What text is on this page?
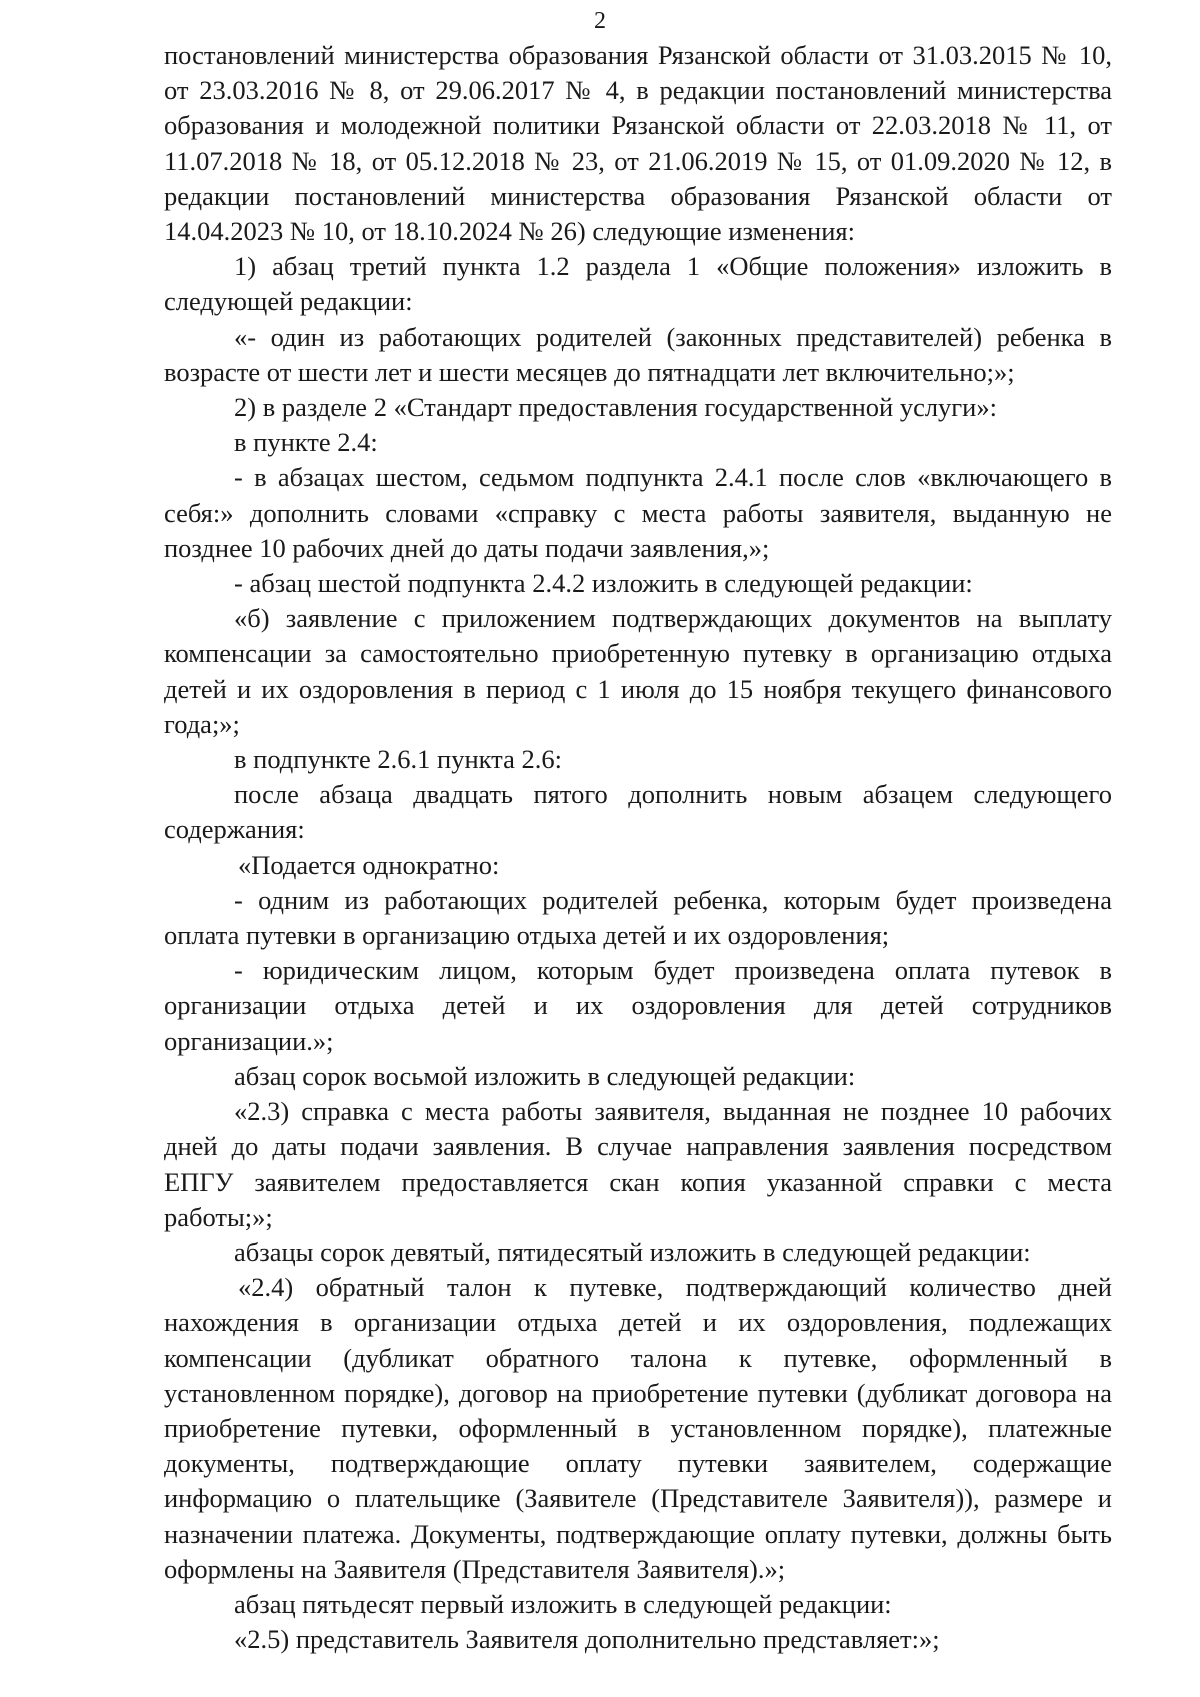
2

постановлений министерства образования Рязанской области от 31.03.2015 № 10, от 23.03.2016 № 8, от 29.06.2017 № 4, в редакции постановлений министерства образования и молодежной политики Рязанской области от 22.03.2018 № 11, от 11.07.2018 № 18, от 05.12.2018 № 23, от 21.06.2019 № 15, от 01.09.2020 № 12, в редакции постановлений министерства образования Рязанской области от 14.04.2023 № 10, от 18.10.2024 № 26) следующие изменения:

1) абзац третий пункта 1.2 раздела 1 «Общие положения» изложить в следующей редакции:

«- один из работающих родителей (законных представителей) ребенка в возрасте от шести лет и шести месяцев до пятнадцати лет включительно;»;

2) в разделе 2 «Стандарт предоставления государственной услуги»:

в пункте 2.4:

- в абзацах шестом, седьмом подпункта 2.4.1 после слов «включающего в себя:» дополнить словами «справку с места работы заявителя, выданную не позднее 10 рабочих дней до даты подачи заявления,»;

- абзац шестой подпункта 2.4.2 изложить в следующей редакции:

«б) заявление с приложением подтверждающих документов на выплату компенсации за самостоятельно приобретенную путевку в организацию отдыха детей и их оздоровления в период с 1 июля до 15 ноября текущего финансового года;»;

в подпункте 2.6.1 пункта 2.6:

после абзаца двадцать пятого дополнить новым абзацем следующего содержания:

«Подается однократно:

- одним из работающих родителей ребенка, которым будет произведена оплата путевки в организацию отдыха детей и их оздоровления;

- юридическим лицом, которым будет произведена оплата путевок в организации отдыха детей и их оздоровления для детей сотрудников организации.»;

абзац сорок восьмой изложить в следующей редакции:

«2.3) справка с места работы заявителя, выданная не позднее 10 рабочих дней до даты подачи заявления. В случае направления заявления посредством ЕПГУ заявителем предоставляется скан копия указанной справки с места работы;»;

абзацы сорок девятый, пятидесятый изложить в следующей редакции:

«2.4) обратный талон к путевке, подтверждающий количество дней нахождения в организации отдыха детей и их оздоровления, подлежащих компенсации (дубликат обратного талона к путевке, оформленный в установленном порядке), договор на приобретение путевки (дубликат договора на приобретение путевки, оформленный в установленном порядке), платежные документы, подтверждающие оплату путевки заявителем, содержащие информацию о плательщике (Заявителе (Представителе Заявителя)), размере и назначении платежа. Документы, подтверждающие оплату путевки, должны быть оформлены на Заявителя (Представителя Заявителя).»;

абзац пятьдесят первый изложить в следующей редакции:

«2.5) представитель Заявителя дополнительно представляет:»;
